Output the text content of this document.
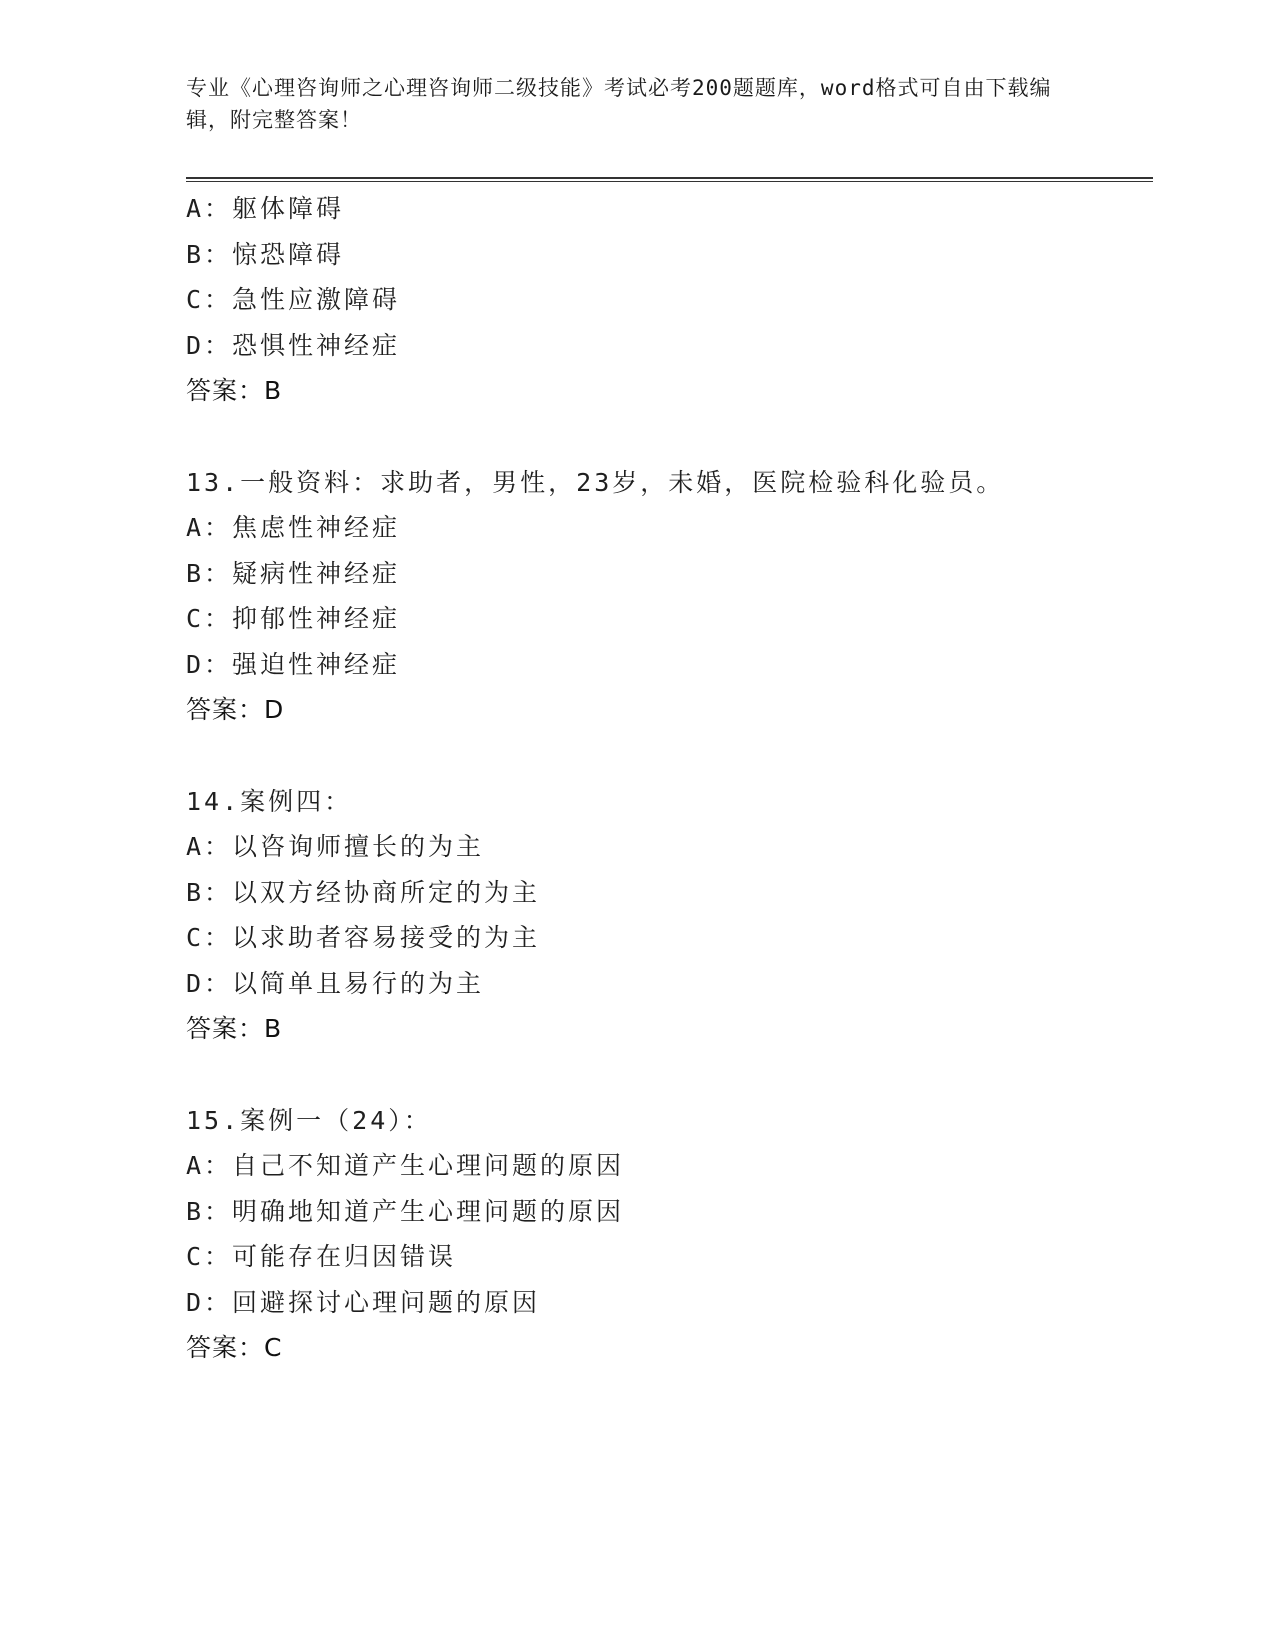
专业《心理咨询师之心理咨询师二级技能》考试必考200题题库，word格式可自由下载编辑，附完整答案！
A：躯体障碍
B：惊恐障碍
C：急性应激障碍
D：恐惧性神经症
答案：B
13.一般资料：求助者，男性，23岁，未婚，医院检验科化验员。
A：焦虑性神经症
B：疑病性神经症
C：抑郁性神经症
D：强迫性神经症
答案：D
14.案例四：
A：以咨询师擅长的为主
B：以双方经协商所定的为主
C：以求助者容易接受的为主
D：以简单且易行的为主
答案：B
15.案例一（24）：
A：自己不知道产生心理问题的原因
B：明确地知道产生心理问题的原因
C：可能存在归因错误
D：回避探讨心理问题的原因
答案：C
